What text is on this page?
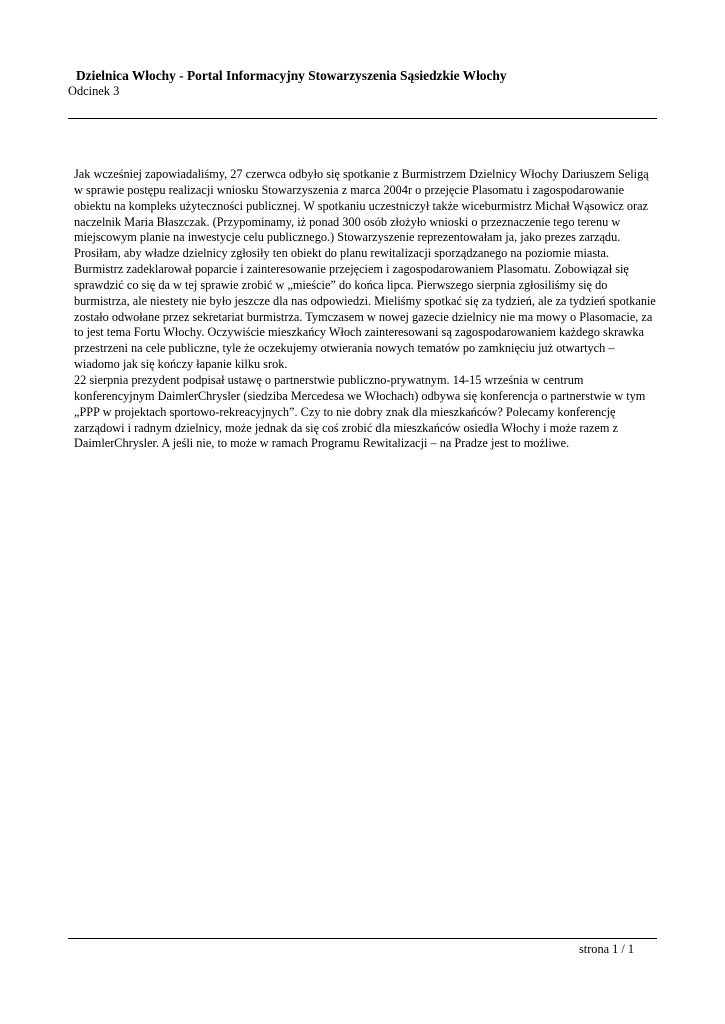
Dzielnica Włochy - Portal Informacyjny Stowarzyszenia Sąsiedzkie Włochy
Odcinek 3

Jak wcześniej zapowiadaliśmy, 27 czerwca odbyło się spotkanie z Burmistrzem Dzielnicy Włochy Dariuszem Seligą w sprawie postępu realizacji wniosku Stowarzyszenia z marca 2004r o przejęcie Plasomatu i zagospodarowanie obiektu na kompleks użyteczności publicznej. W spotkaniu uczestniczył także wiceburmistrz Michał Wąsowicz oraz naczelnik Maria Błaszczak. (Przypominamy, iż ponad 300 osób złożyło wnioski o przeznaczenie tego terenu w miejscowym planie na inwestycje celu publicznego.) Stowarzyszenie reprezentowałam ja, jako prezes zarządu. Prosiłam, aby władze dzielnicy zgłosiły ten obiekt do planu rewitalizacji sporządzanego na poziomie miasta. Burmistrz zadeklarował poparcie i zainteresowanie przejęciem i zagospodarowaniem Plasomatu. Zobowiązał się sprawdzić co się da w tej sprawie zrobić w „mieście” do końca lipca. Pierwszego sierpnia zgłosiliśmy się do burmistrza, ale niestety nie było jeszcze dla nas odpowiedzi. Mieliśmy spotkać się za tydzień, ale za tydzień spotkanie zostało odwołane przez sekretariat burmistrza. Tymczasem w nowej gazecie dzielnicy nie ma mowy o Plasomacie, za to jest tema Fortu Włochy. Oczywiście mieszkańcy Włoch zainteresowani są zagospodarowaniem każdego skrawka przestrzeni na cele publiczne, tyle że oczekujemy otwierania nowych tematów po zamknięciu już otwartych – wiadomo jak się kończy łapanie kilku srok.

22 sierpnia prezydent podpisał ustawę o partnerstwie publiczno-prywatnym. 14-15 września w centrum konferencyjnym DaimlerChrysler (siedziba Mercedesa we Włochach) odbywa się konferencja o partnerstwie w tym „PPP w projektach sportowo-rekreacyjnych”. Czy to nie dobry znak dla mieszkańców? Polecamy konferencję zarządowi i radnym dzielnicy, może jednak da się coś zrobić dla mieszkańców osiedla Włochy i może razem z DaimlerChrysler. A jeśli nie, to może w ramach Programu Rewitalizacji – na Pradze jest to możliwe.

strona 1 / 1
